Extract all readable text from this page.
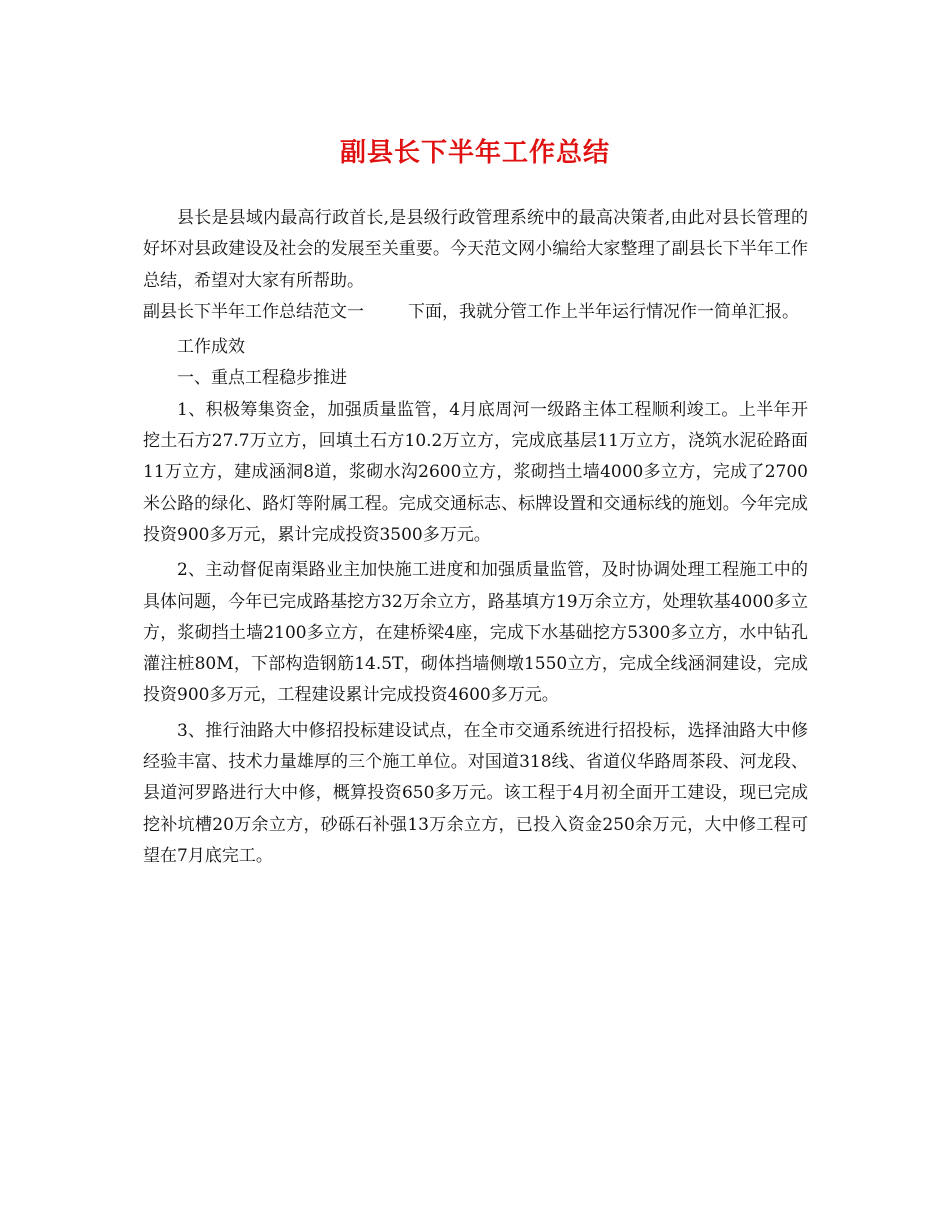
副县长下半年工作总结

县长是县域内最高行政首长,是县级行政管理系统中的最高决策者,由此对县长管理的好坏对县政建设及社会的发展至关重要。今天范文网小编给大家整理了副县长下半年工作总结，希望对大家有所帮助。

副县长下半年工作总结范文一	下面，我就分管工作上半年运行情况作一简单汇报。

工作成效

一、重点工程稳步推进

1、积极筹集资金，加强质量监管，4月底周河一级路主体工程顺利竣工。上半年开挖土石方27.7万立方，回填土石方10.2万立方，完成底基层11万立方，浇筑水泥砼路面11万立方，建成涵洞8道，浆砌水沟2600立方，浆砌挡土墙4000多立方，完成了2700米公路的绿化、路灯等附属工程。完成交通标志、标牌设置和交通标线的施划。今年完成投资900多万元，累计完成投资3500多万元。

2、主动督促南渠路业主加快施工进度和加强质量监管，及时协调处理工程施工中的具体问题，今年已完成路基挖方32万余立方，路基填方19万余立方，处理软基4000多立方，浆砌挡土墙2100多立方，在建桥梁4座，完成下水基础挖方5300多立方，水中钻孔灌注桩80M，下部构造钢筋14.5T，砌体挡墙侧墩1550立方，完成全线涵洞建设，完成投资900多万元，工程建设累计完成投资4600多万元。

3、推行油路大中修招投标建设试点，在全市交通系统进行招投标，选择油路大中修经验丰富、技术力量雄厚的三个施工单位。对国道318线、省道仪华路周茶段、河龙段、县道河罗路进行大中修，概算投资650多万元。该工程于4月初全面开工建设，现已完成挖补坑槽20万余立方，砂砾石补强13万余立方，已投入资金250余万元，大中修工程可望在7月底完工。
